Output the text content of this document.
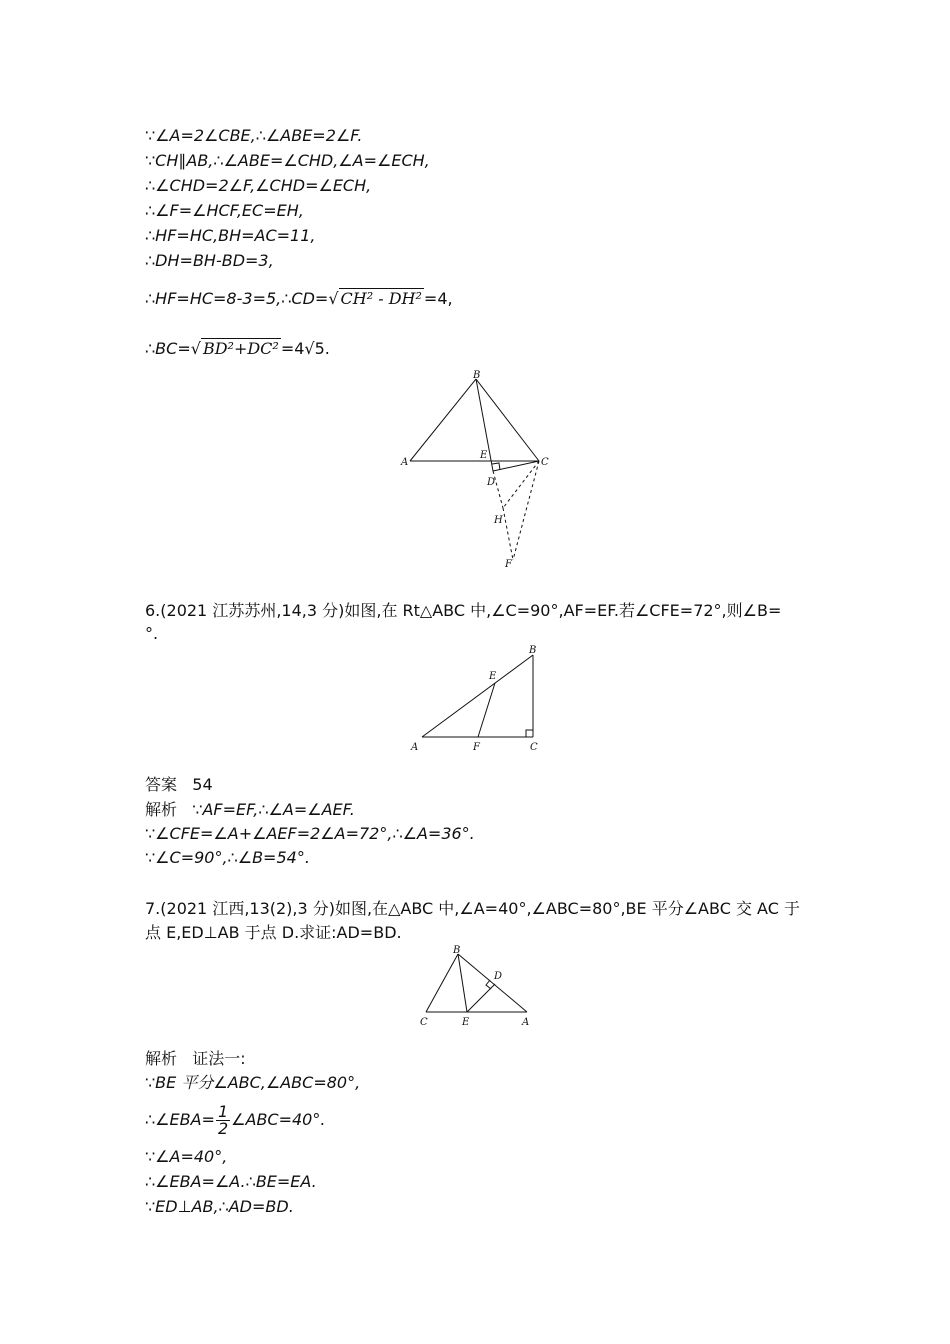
∵∠A=2∠CBE,∴∠ABE=2∠F.
∵CH∥AB,∴∠ABE=∠CHD,∠A=∠ECH,
∴∠CHD=2∠F,∠CHD=∠ECH,
∴∠F=∠HCF,EC=EH,
∴HF=HC,BH=AC=11,
∴DH=BH-BD=3,
∴HF=HC=8-3=5,∴CD=√ CH² - DH² =4,
∴BC=√ BD²+DC² =4√5.
B
A
E
C
D
H
F
6.(2021 江苏苏州,14,3 分)如图,在 Rt△ABC 中,∠C=90°,AF=EF.若∠CFE=72°,则∠B=
°.
B
E
A	F	C
答案 54
解析 ∵AF=EF,∴∠A=∠AEF.
∵∠CFE=∠A+∠AEF=2∠A=72°,∴∠A=36°.
∵∠C=90°,∴∠B=54°.
7.(2021 江西,13(2),3 分)如图,在△ABC 中,∠A=40°,∠ABC=80°,BE 平分∠ABC 交 AC 于
点 E,ED⊥AB 于点 D.求证:AD=BD.
B
D
C	E	A
解析 证法一:
∵BE 平分∠ABC,∠ABC=80°,
∴∠EBA= $\frac{1}{2}$ ∠ABC=40°.
∵∠A=40°,
∴∠EBA=∠A.∴BE=EA.
∵ED⊥AB,∴AD=BD.
